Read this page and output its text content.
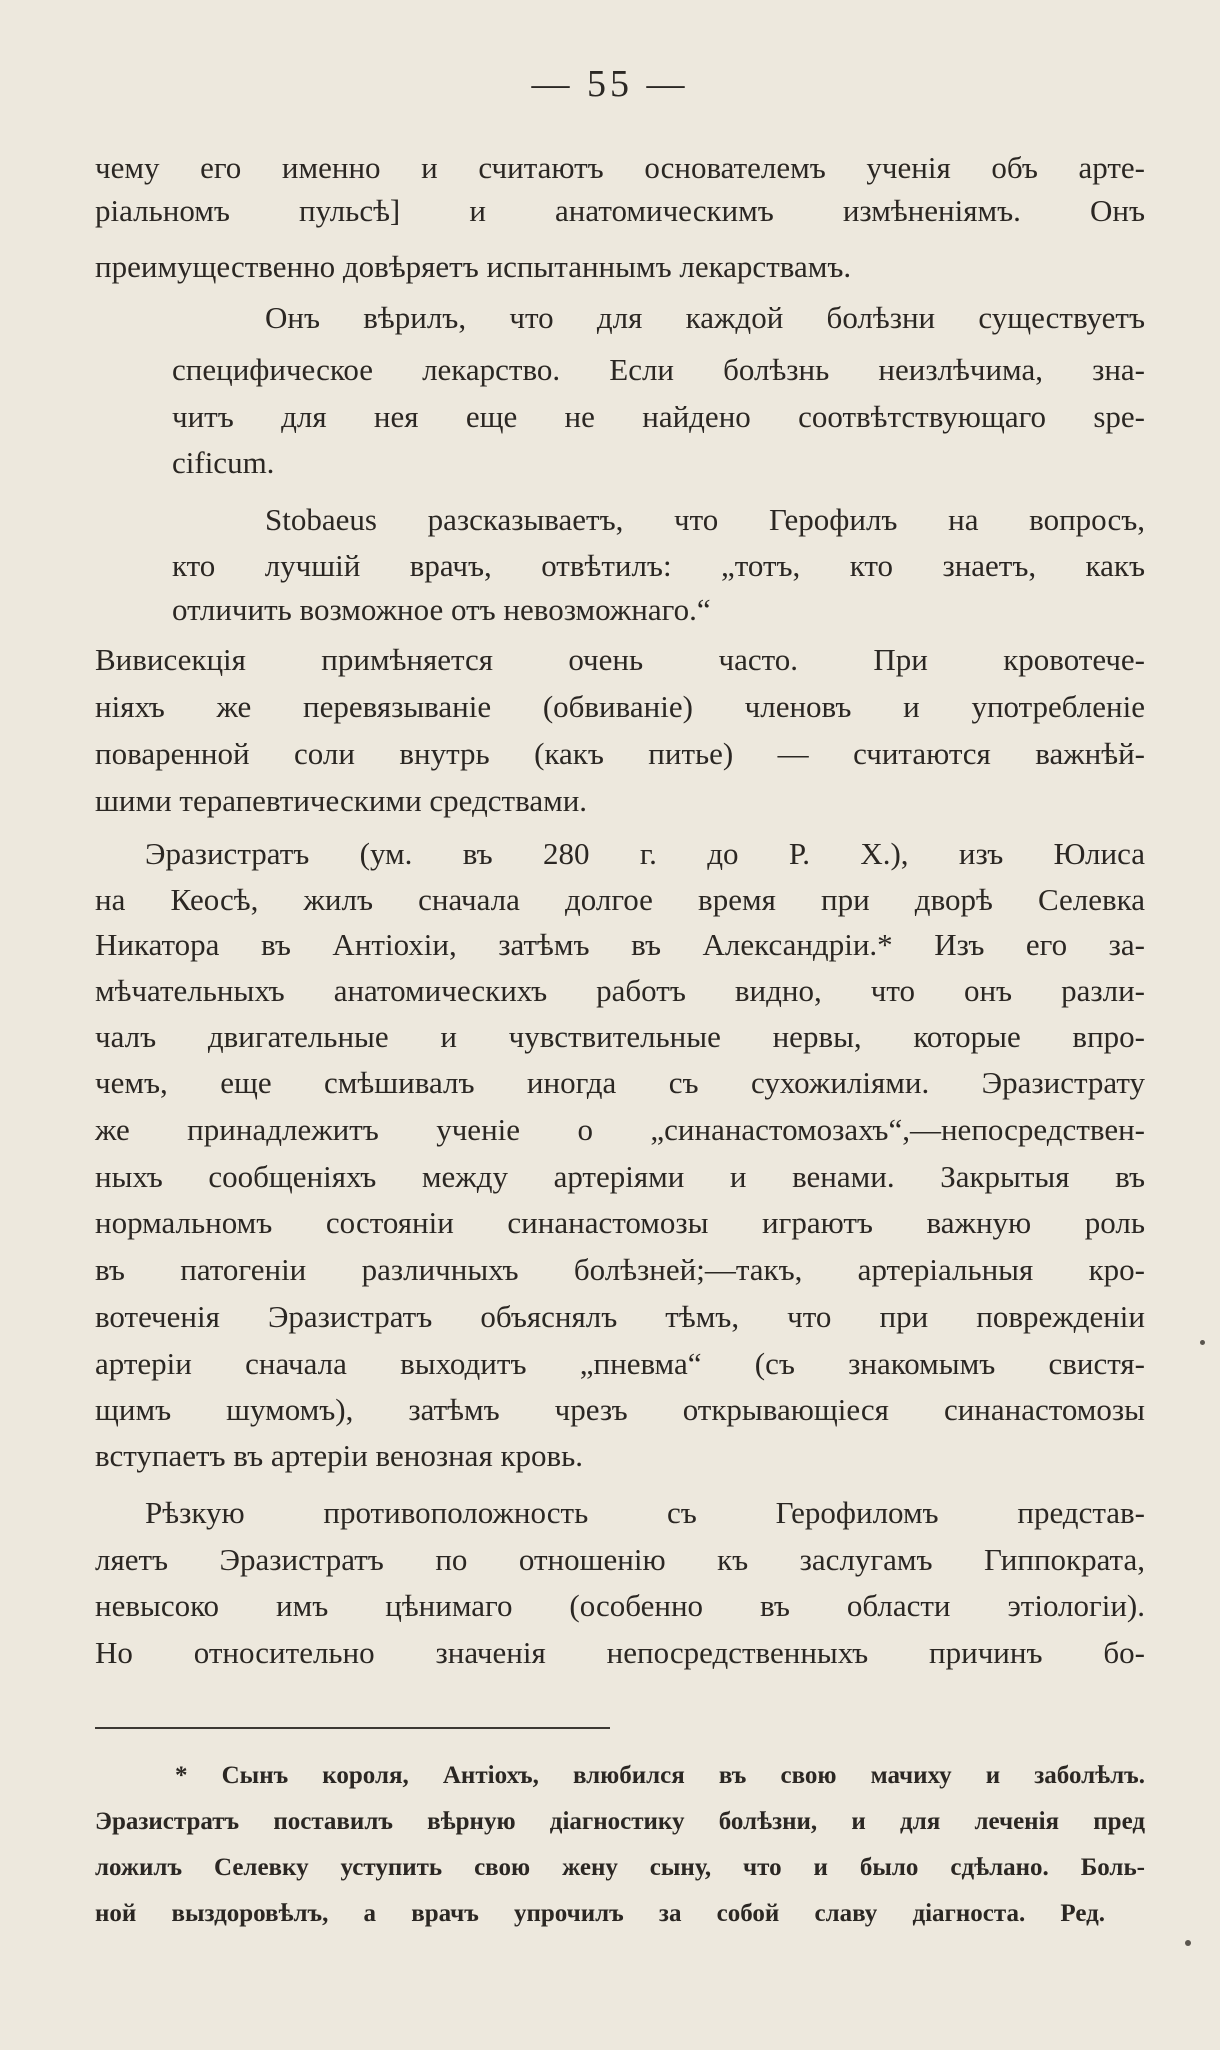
— 55 —
чему его именно и считаютъ основателемъ ученія объ арте-
ріальномъ пульсѣ] и анатомическимъ измѣненіямъ. Онъ
преимущественно довѣряетъ испытаннымъ лекарствамъ.
Онъ вѣрилъ, что для каждой болѣзни существуетъ
специфическое лекарство. Если болѣзнь неизлѣчима, зна-
читъ для нея еще не найдено соотвѣтствующаго spe-
cificum.
Stobaeus разсказываетъ, что Герофилъ на вопросъ,
кто лучшій врачъ, отвѣтилъ: „тотъ, кто знаетъ, какъ
отличить возможное отъ невозможнаго.“
Вивисекція примѣняется очень часто. При кровотече-
ніяхъ же перевязываніе (обвиваніе) членовъ и употребленіе
поваренной соли внутрь (какъ питье) — считаются важнѣй-
шими терапевтическими средствами.
Эразистратъ (ум. въ 280 г. до Р. Х.), изъ Юлиса
на Кеосѣ, жилъ сначала долгое время при дворѣ Селевка
Никатора въ Антіохіи, затѣмъ въ Александріи.* Изъ его за-
мѣчательныхъ анатомическихъ работъ видно, что онъ разли-
чалъ двигательные и чувствительные нервы, которые впро-
чемъ, еще смѣшивалъ иногда съ сухожиліями. Эразистрату
же принадлежитъ ученіе о „синанастомозахъ“,—непосредствен-
ныхъ сообщеніяхъ между артеріями и венами. Закрытыя въ
нормальномъ состояніи синанастомозы играютъ важную роль
въ патогеніи различныхъ болѣзней;—такъ, артеріальныя кро-
вотеченія Эразистратъ объяснялъ тѣмъ, что при поврежденіи
артеріи сначала выходитъ „пневма“ (съ знакомымъ свистя-
щимъ шумомъ), затѣмъ чрезъ открывающіеся синанастомозы
вступаетъ въ артеріи венозная кровь.
Рѣзкую противоположность съ Герофиломъ представ-
ляетъ Эразистратъ по отношенію къ заслугамъ Гиппократа,
невысоко имъ цѣнимаго (особенно въ области этіологіи).
Но относительно значенія непосредственныхъ причинъ бо-
* Сынъ короля, Антіохъ, влюбился въ свою мачиху и заболѣлъ.
Эразистратъ поставилъ вѣрную діагностику болѣзни, и для леченія пред
ложилъ Селевку уступить свою жену сыну, что и было сдѣлано. Боль-
ной выздоровѣлъ, а врачъ упрочилъ за собой славу діагноста. Ред.
